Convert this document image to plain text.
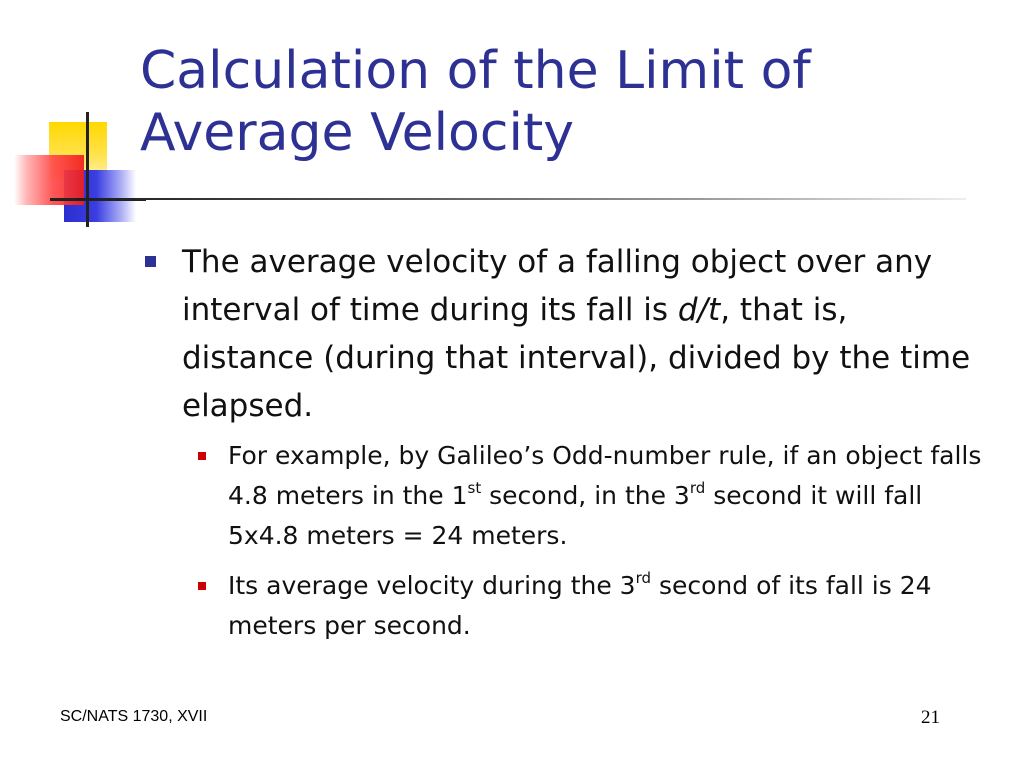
Calculation of the Limit of
Average Velocity

The average velocity of a falling object over any interval of time during its fall is d/t, that is, distance (during that interval), divided by the time elapsed.

For example, by Galileo’s Odd-number rule, if an object falls 4.8 meters in the 1st second, in the 3rd second it will fall 5x4.8 meters = 24 meters.

Its average velocity during the 3rd second of its fall is 24 meters per second.

SC/NATS 1730, XVII	21
